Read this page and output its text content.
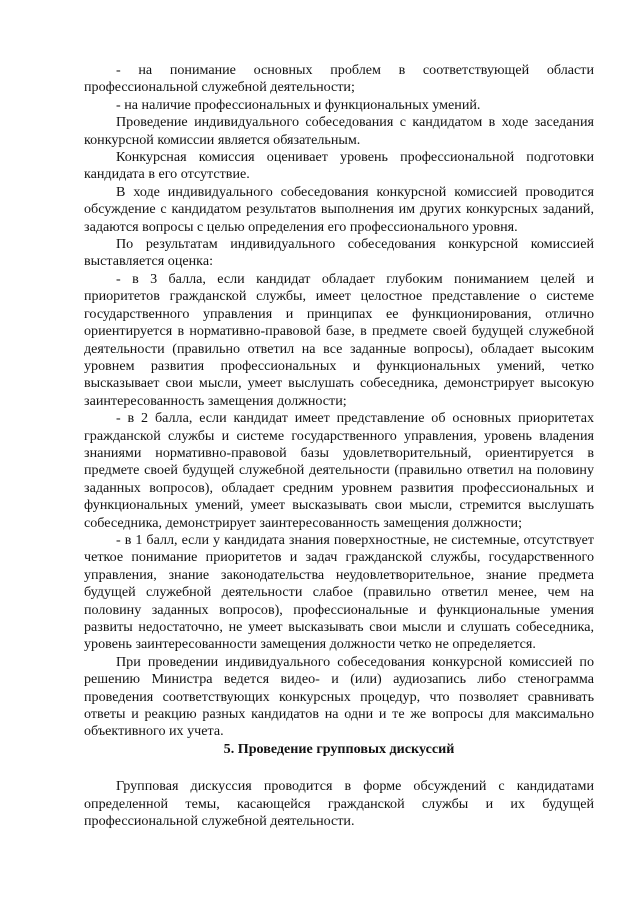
- на понимание основных проблем в соответствующей области профессиональной служебной деятельности;

- на наличие профессиональных и функциональных умений.

Проведение индивидуального собеседования с кандидатом в ходе заседания конкурсной комиссии является обязательным.

Конкурсная комиссия оценивает уровень профессиональной подготовки кандидата в его отсутствие.

В ходе индивидуального собеседования конкурсной комиссией проводится обсуждение с кандидатом результатов выполнения им других конкурсных заданий, задаются вопросы с целью определения его профессионального уровня.

По результатам индивидуального собеседования конкурсной комиссией выставляется оценка:

- в 3 балла, если кандидат обладает глубоким пониманием целей и приоритетов гражданской службы, имеет целостное представление о системе государственного управления и принципах ее функционирования, отлично ориентируется в нормативно-правовой базе, в предмете своей будущей служебной деятельности (правильно ответил на все заданные вопросы), обладает высоким уровнем развития профессиональных и функциональных умений, четко высказывает свои мысли, умеет выслушать собеседника, демонстрирует высокую заинтересованность замещения должности;

- в 2 балла, если кандидат имеет представление об основных приоритетах гражданской службы и системе государственного управления, уровень владения знаниями нормативно-правовой базы удовлетворительный, ориентируется в предмете своей будущей служебной деятельности (правильно ответил на половину заданных вопросов), обладает средним уровнем развития профессиональных и функциональных умений, умеет высказывать свои мысли, стремится выслушать собеседника, демонстрирует заинтересованность замещения должности;

- в 1 балл, если у кандидата знания поверхностные, не системные, отсутствует четкое понимание приоритетов и задач гражданской службы, государственного управления, знание законодательства неудовлетворительное, знание предмета будущей служебной деятельности слабое (правильно ответил менее, чем на половину заданных вопросов), профессиональные и функциональные умения развиты недостаточно, не умеет высказывать свои мысли и слушать собеседника, уровень заинтересованности замещения должности четко не определяется.

При проведении индивидуального собеседования конкурсной комиссией по решению Министра ведется видео- и (или) аудиозапись либо стенограмма проведения соответствующих конкурсных процедур, что позволяет сравнивать ответы и реакцию разных кандидатов на одни и те же вопросы для максимально объективного их учета.

5. Проведение групповых дискуссий

Групповая дискуссия проводится в форме обсуждений с кандидатами определенной темы, касающейся гражданской службы и их будущей профессиональной служебной деятельности.
